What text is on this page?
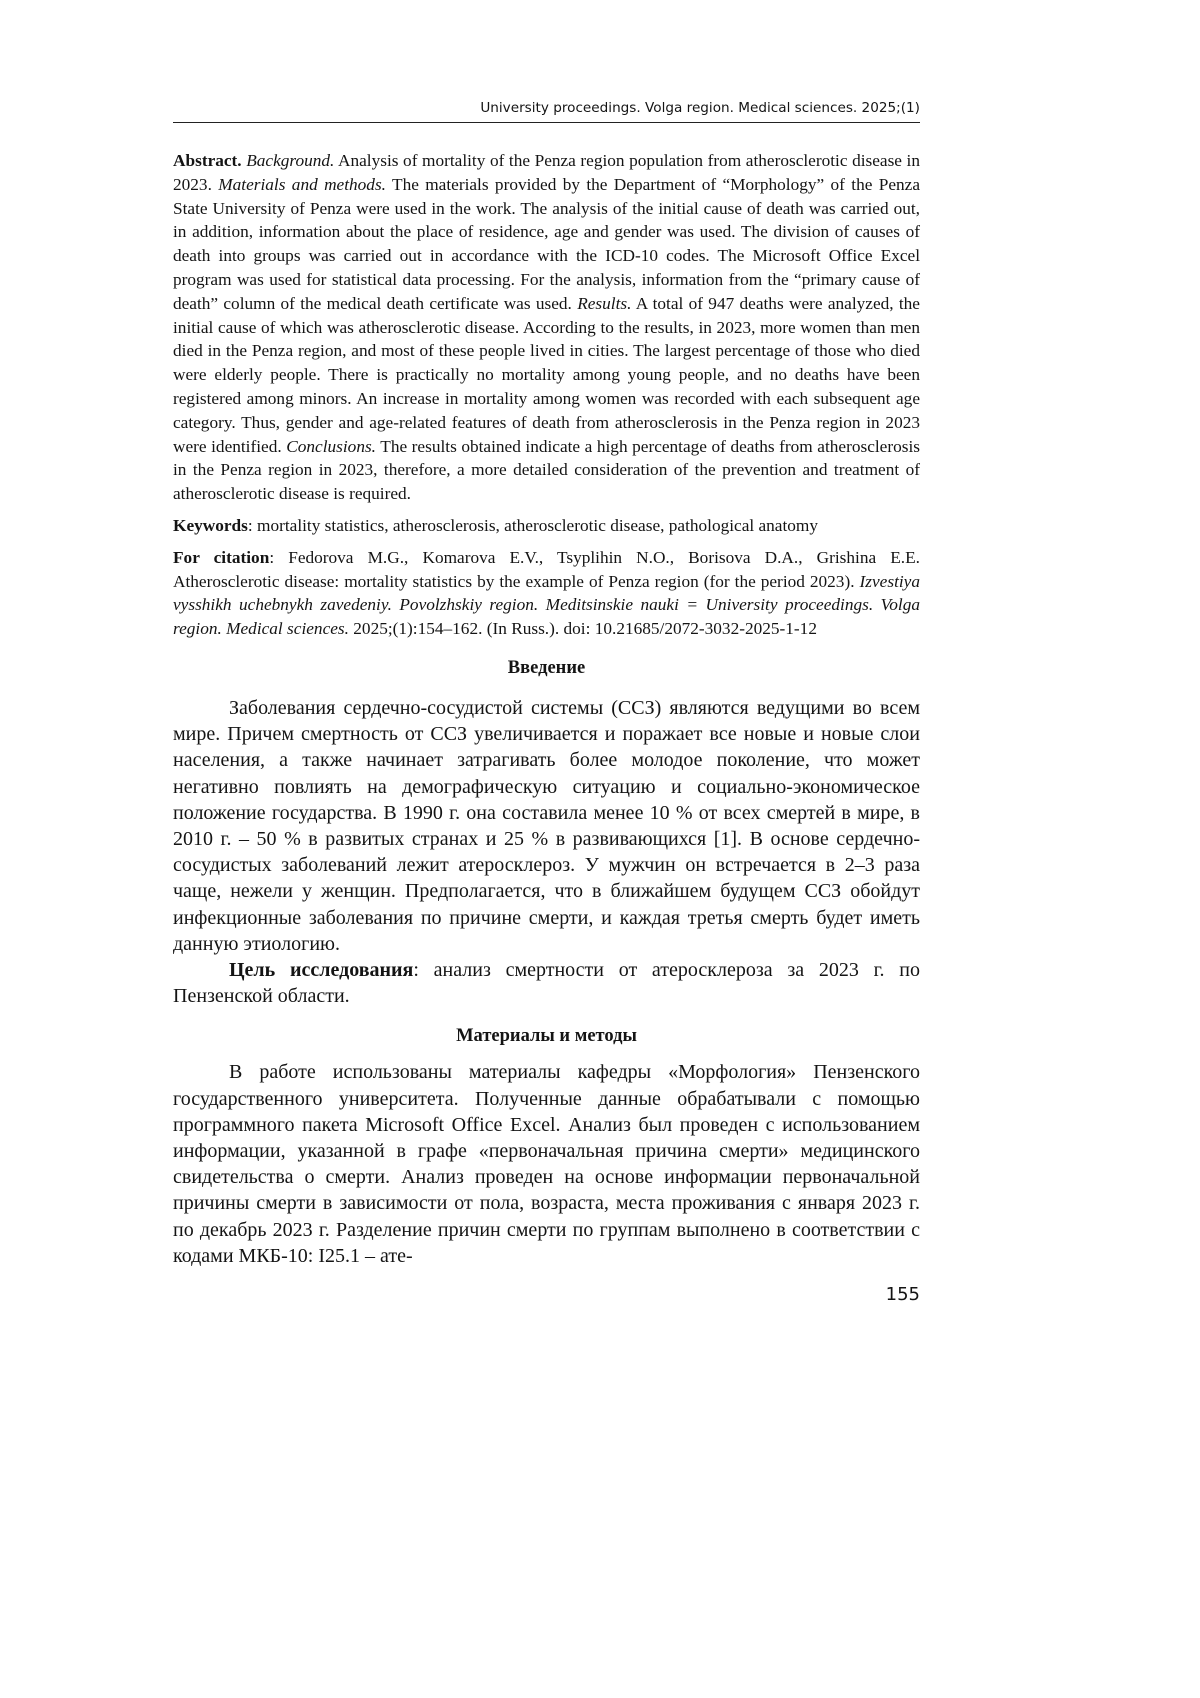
University proceedings. Volga region. Medical sciences. 2025;(1)

Abstract. Background. Analysis of mortality of the Penza region population from atherosclerotic disease in 2023. Materials and methods. The materials provided by the Department of “Morphology” of the Penza State University of Penza were used in the work. The analysis of the initial cause of death was carried out, in addition, information about the place of residence, age and gender was used. The division of causes of death into groups was carried out in accordance with the ICD-10 codes. The Microsoft Office Excel program was used for statistical data processing. For the analysis, information from the “primary cause of death” column of the medical death certificate was used. Results. A total of 947 deaths were analyzed, the initial cause of which was atherosclerotic disease. According to the results, in 2023, more women than men died in the Penza region, and most of these people lived in cities. The largest percentage of those who died were elderly people. There is practically no mortality among young people, and no deaths have been registered among minors. An increase in mortality among women was recorded with each subsequent age category. Thus, gender and age-related features of death from atherosclerosis in the Penza region in 2023 were identified. Conclusions. The results obtained indicate a high percentage of deaths from atherosclerosis in the Penza region in 2023, therefore, a more detailed consideration of the prevention and treatment of atherosclerotic disease is required.

Keywords: mortality statistics, atherosclerosis, atherosclerotic disease, pathological anatomy

For citation: Fedorova M.G., Komarova E.V., Tsyplihin N.O., Borisova D.A., Grishina E.E. Atherosclerotic disease: mortality statistics by the example of Penza region (for the period 2023). Izvestiya vysshikh uchebnykh zavedeniy. Povolzhskiy region. Meditsinskie nauki = University proceedings. Volga region. Medical sciences. 2025;(1):154–162. (In Russ.). doi: 10.21685/2072-3032-2025-1-12

Введение

Заболевания сердечно-сосудистой системы (ССЗ) являются ведущими во всем мире. Причем смертность от ССЗ увеличивается и поражает все новые и новые слои населения, а также начинает затрагивать более молодое поколение, что может негативно повлиять на демографическую ситуацию и социально-экономическое положение государства. В 1990 г. она составила менее 10 % от всех смертей в мире, в 2010 г. – 50 % в развитых странах и 25 % в развивающихся [1]. В основе сердечно-сосудистых заболеваний лежит атеросклероз. У мужчин он встречается в 2–3 раза чаще, нежели у женщин. Предполагается, что в ближайшем будущем ССЗ обойдут инфекционные заболевания по причине смерти, и каждая третья смерть будет иметь данную этиологию.

Цель исследования: анализ смертности от атеросклероза за 2023 г. по Пензенской области.

Материалы и методы

В работе использованы материалы кафедры «Морфология» Пензенского государственного университета. Полученные данные обрабатывали с помощью программного пакета Microsoft Office Excel. Анализ был проведен с использованием информации, указанной в графе «первоначальная причина смерти» медицинского свидетельства о смерти. Анализ проведен на основе информации первоначальной причины смерти в зависимости от пола, возраста, места проживания с января 2023 г. по декабрь 2023 г. Разделение причин смерти по группам выполнено в соответствии с кодами МКБ-10: I25.1 – ате-

155
